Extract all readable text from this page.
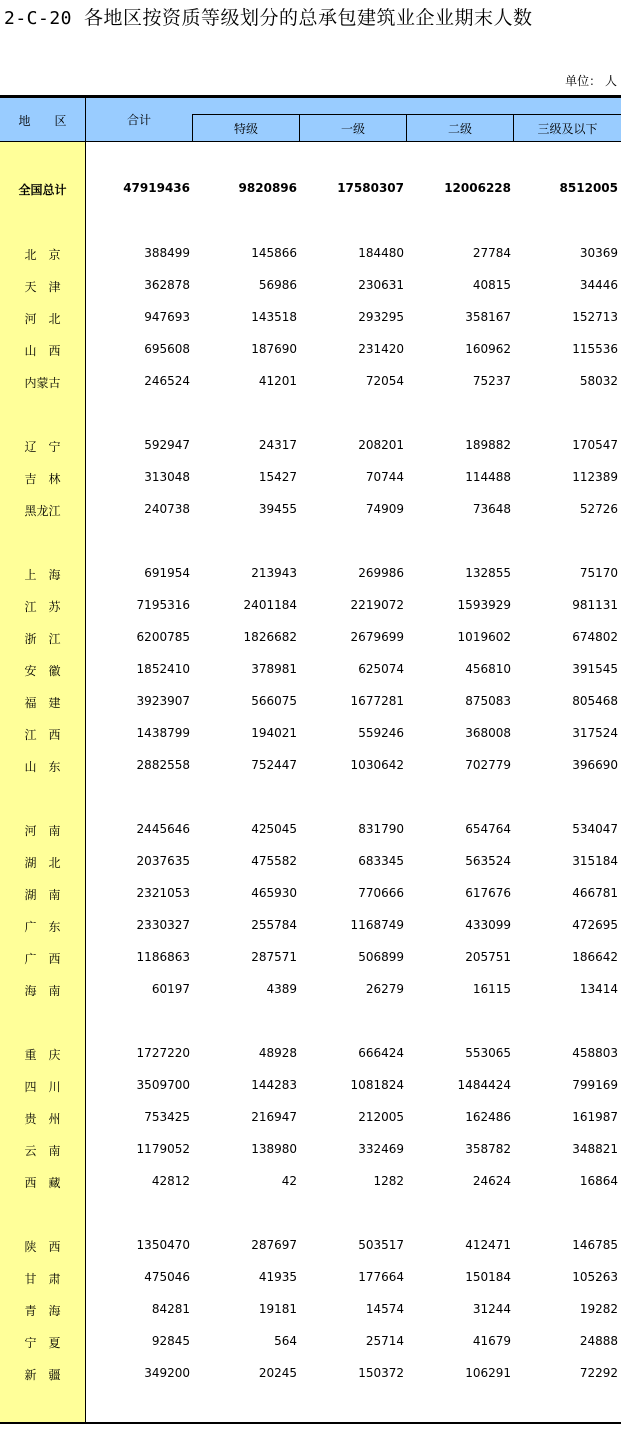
2-C-20 各地区按资质等级划分的总承包建筑业企业期末人数
单位： 人
地　　区	合计
特级	一级	二级	三级及以下
全国总计	47919436	9820896	17580307	12006228	8512005
北　京	388499	145866	184480	27784	30369
天　津	362878	56986	230631	40815	34446
河　北	947693	143518	293295	358167	152713
山　西	695608	187690	231420	160962	115536
内蒙古	246524	41201	72054	75237	58032
辽　宁	592947	24317	208201	189882	170547
吉　林	313048	15427	70744	114488	112389
黑龙江	240738	39455	74909	73648	52726
上　海	691954	213943	269986	132855	75170
江　苏	7195316	2401184	2219072	1593929	981131
浙　江	6200785	1826682	2679699	1019602	674802
安　徽	1852410	378981	625074	456810	391545
福　建	3923907	566075	1677281	875083	805468
江　西	1438799	194021	559246	368008	317524
山　东	2882558	752447	1030642	702779	396690
河　南	2445646	425045	831790	654764	534047
湖　北	2037635	475582	683345	563524	315184
湖　南	2321053	465930	770666	617676	466781
广　东	2330327	255784	1168749	433099	472695
广　西	1186863	287571	506899	205751	186642
海　南	60197	4389	26279	16115	13414
重　庆	1727220	48928	666424	553065	458803
四　川	3509700	144283	1081824	1484424	799169
贵　州	753425	216947	212005	162486	161987
云　南	1179052	138980	332469	358782	348821
西　藏	42812	42	1282	24624	16864
陕　西	1350470	287697	503517	412471	146785
甘　肃	475046	41935	177664	150184	105263
青　海	84281	19181	14574	31244	19282
宁　夏	92845	564	25714	41679	24888
新　疆	349200	20245	150372	106291	72292
